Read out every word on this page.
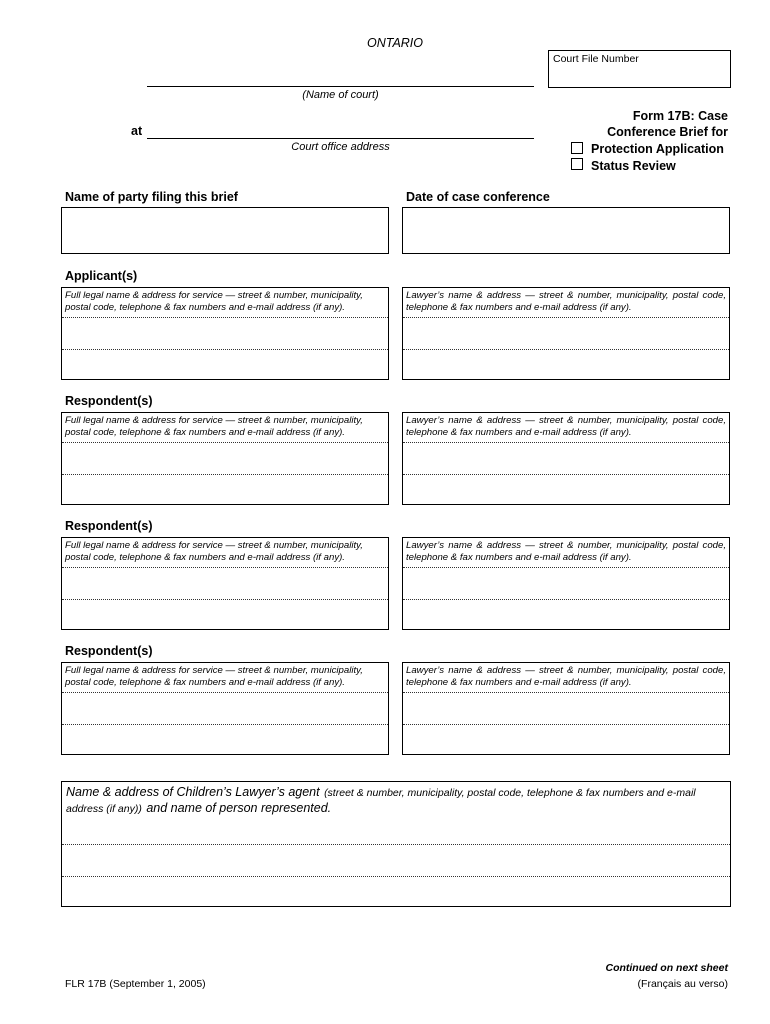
ONTARIO
Court File Number
(Name of court)
at
Court office address
Form 17B: Case
Conference Brief for
Protection Application
Status Review
Name of party filing this brief	Date of case conference
Applicant(s)
Full legal name & address for service — street & number, municipality, postal code, telephone & fax numbers and e-mail address (if any).
Lawyer’s name & address — street & number, municipality, postal code, telephone & fax numbers and e-mail address (if any).
Respondent(s)
Full legal name & address for service — street & number, municipality, postal code, telephone & fax numbers and e-mail address (if any).
Lawyer’s name & address — street & number, municipality, postal code, telephone & fax numbers and e-mail address (if any).
Respondent(s)
Full legal name & address for service — street & number, municipality, postal code, telephone & fax numbers and e-mail address (if any).
Lawyer’s name & address — street & number, municipality, postal code, telephone & fax numbers and e-mail address (if any).
Respondent(s)
Full legal name & address for service — street & number, municipality, postal code, telephone & fax numbers and e-mail address (if any).
Lawyer’s name & address — street & number, municipality, postal code, telephone & fax numbers and e-mail address (if any).
Name & address of Children’s Lawyer’s agent (street & number, municipality, postal code, telephone & fax numbers and e-mail address (if any)) and name of person represented.
FLR 17B (September 1, 2005)
Continued on next sheet
(Français au verso)
